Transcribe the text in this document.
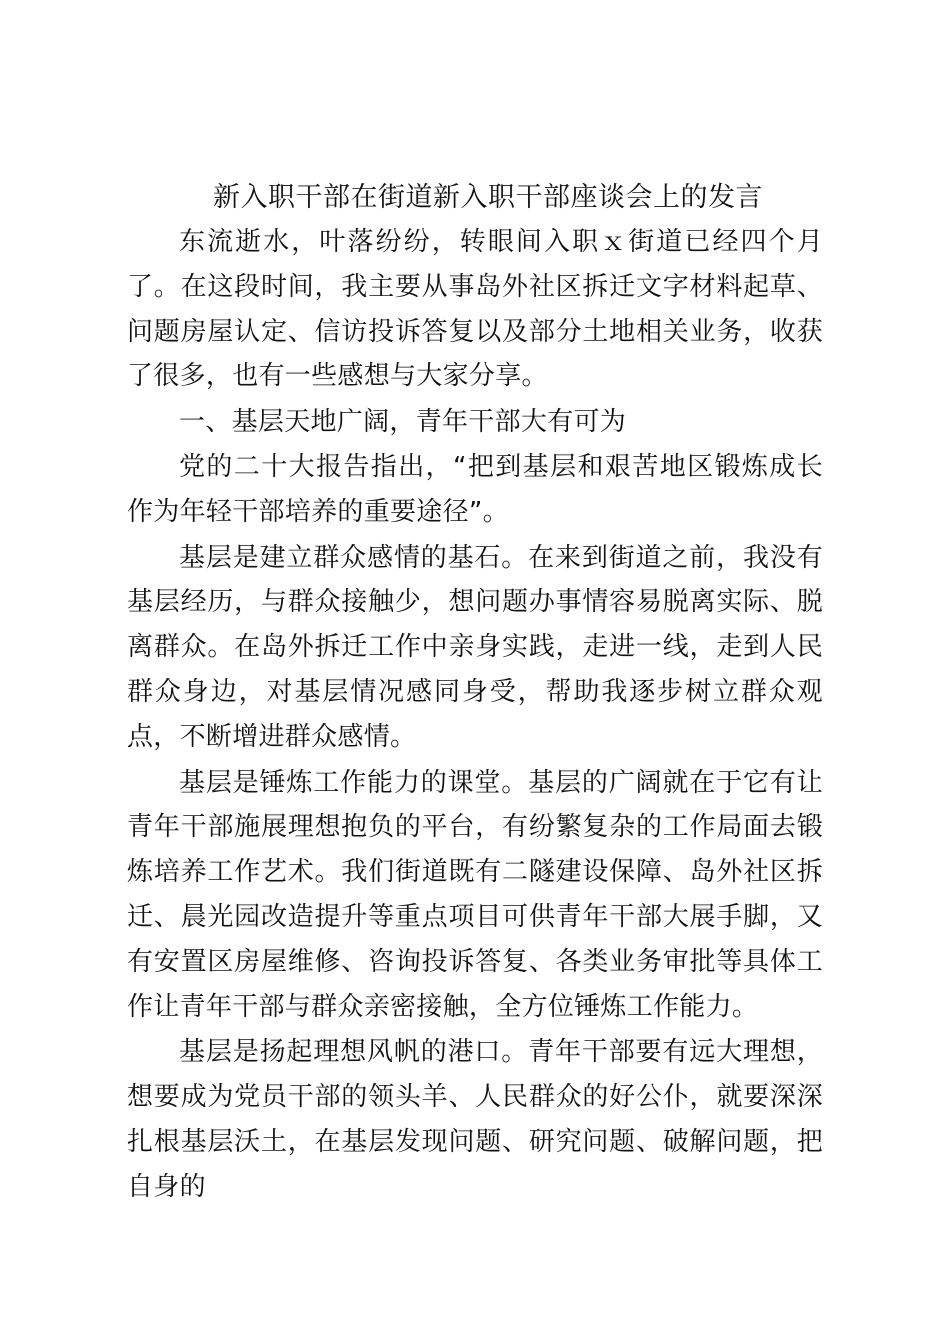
新入职干部在街道新入职干部座谈会上的发言

东流逝水，叶落纷纷，转眼间入职ｘ街道已经四个月了。在这段时间，我主要从事岛外社区拆迁文字材料起草、问题房屋认定、信访投诉答复以及部分土地相关业务，收获了很多，也有一些感想与大家分享。

一、基层天地广阔，青年干部大有可为

党的二十大报告指出，“把到基层和艰苦地区锻炼成长作为年轻干部培养的重要途径”。

基层是建立群众感情的基石。在来到街道之前，我没有基层经历，与群众接触少，想问题办事情容易脱离实际、脱离群众。在岛外拆迁工作中亲身实践，走进一线，走到人民群众身边，对基层情况感同身受，帮助我逐步树立群众观点，不断增进群众感情。

基层是锤炼工作能力的课堂。基层的广阔就在于它有让青年干部施展理想抱负的平台，有纷繁复杂的工作局面去锻炼培养工作艺术。我们街道既有二隧建设保障、岛外社区拆迁、晨光园改造提升等重点项目可供青年干部大展手脚，又有安置区房屋维修、咨询投诉答复、各类业务审批等具体工作让青年干部与群众亲密接触，全方位锤炼工作能力。

基层是扬起理想风帆的港口。青年干部要有远大理想，想要成为党员干部的领头羊、人民群众的好公仆，就要深深扎根基层沃土，在基层发现问题、研究问题、破解问题，把自身的
